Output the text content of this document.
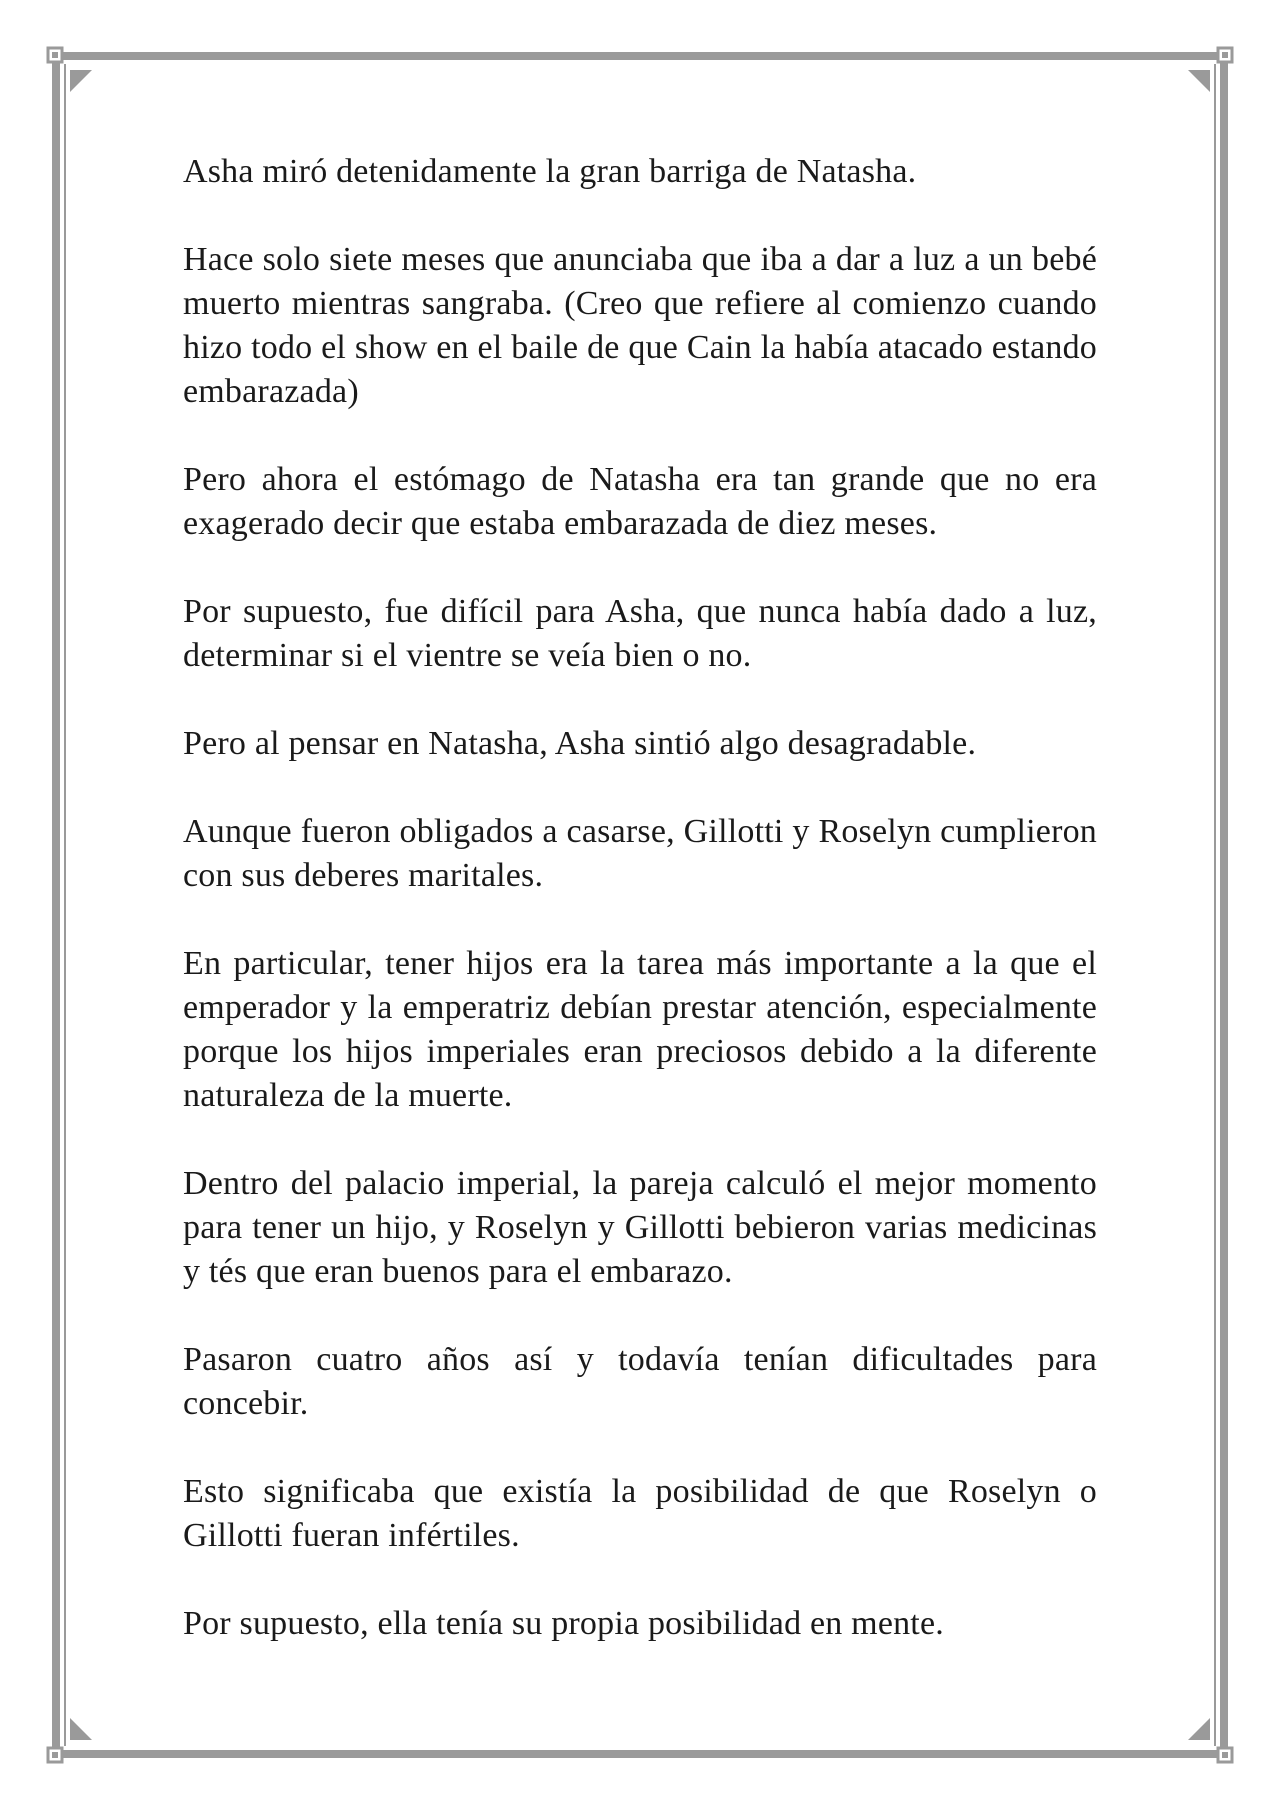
Asha miró detenidamente la gran barriga de Natasha.

Hace solo siete meses que anunciaba que iba a dar a luz a un bebé muerto mientras sangraba. (Creo que refiere al comienzo cuando hizo todo el show en el baile de que Cain la había atacado estando embarazada)

Pero ahora el estómago de Natasha era tan grande que no era exagerado decir que estaba embarazada de diez meses.

Por supuesto, fue difícil para Asha, que nunca había dado a luz, determinar si el vientre se veía bien o no.

Pero al pensar en Natasha, Asha sintió algo desagradable.

Aunque fueron obligados a casarse, Gillotti y Roselyn cumplieron con sus deberes maritales.

En particular, tener hijos era la tarea más importante a la que el emperador y la emperatriz debían prestar atención, especialmente porque los hijos imperiales eran preciosos debido a la diferente naturaleza de la muerte.

Dentro del palacio imperial, la pareja calculó el mejor momento para tener un hijo, y Roselyn y Gillotti bebieron varias medicinas y tés que eran buenos para el embarazo.

Pasaron cuatro años así y todavía tenían dificultades para concebir.

Esto significaba que existía la posibilidad de que Roselyn o Gillotti fueran infértiles.

Por supuesto, ella tenía su propia posibilidad en mente.
